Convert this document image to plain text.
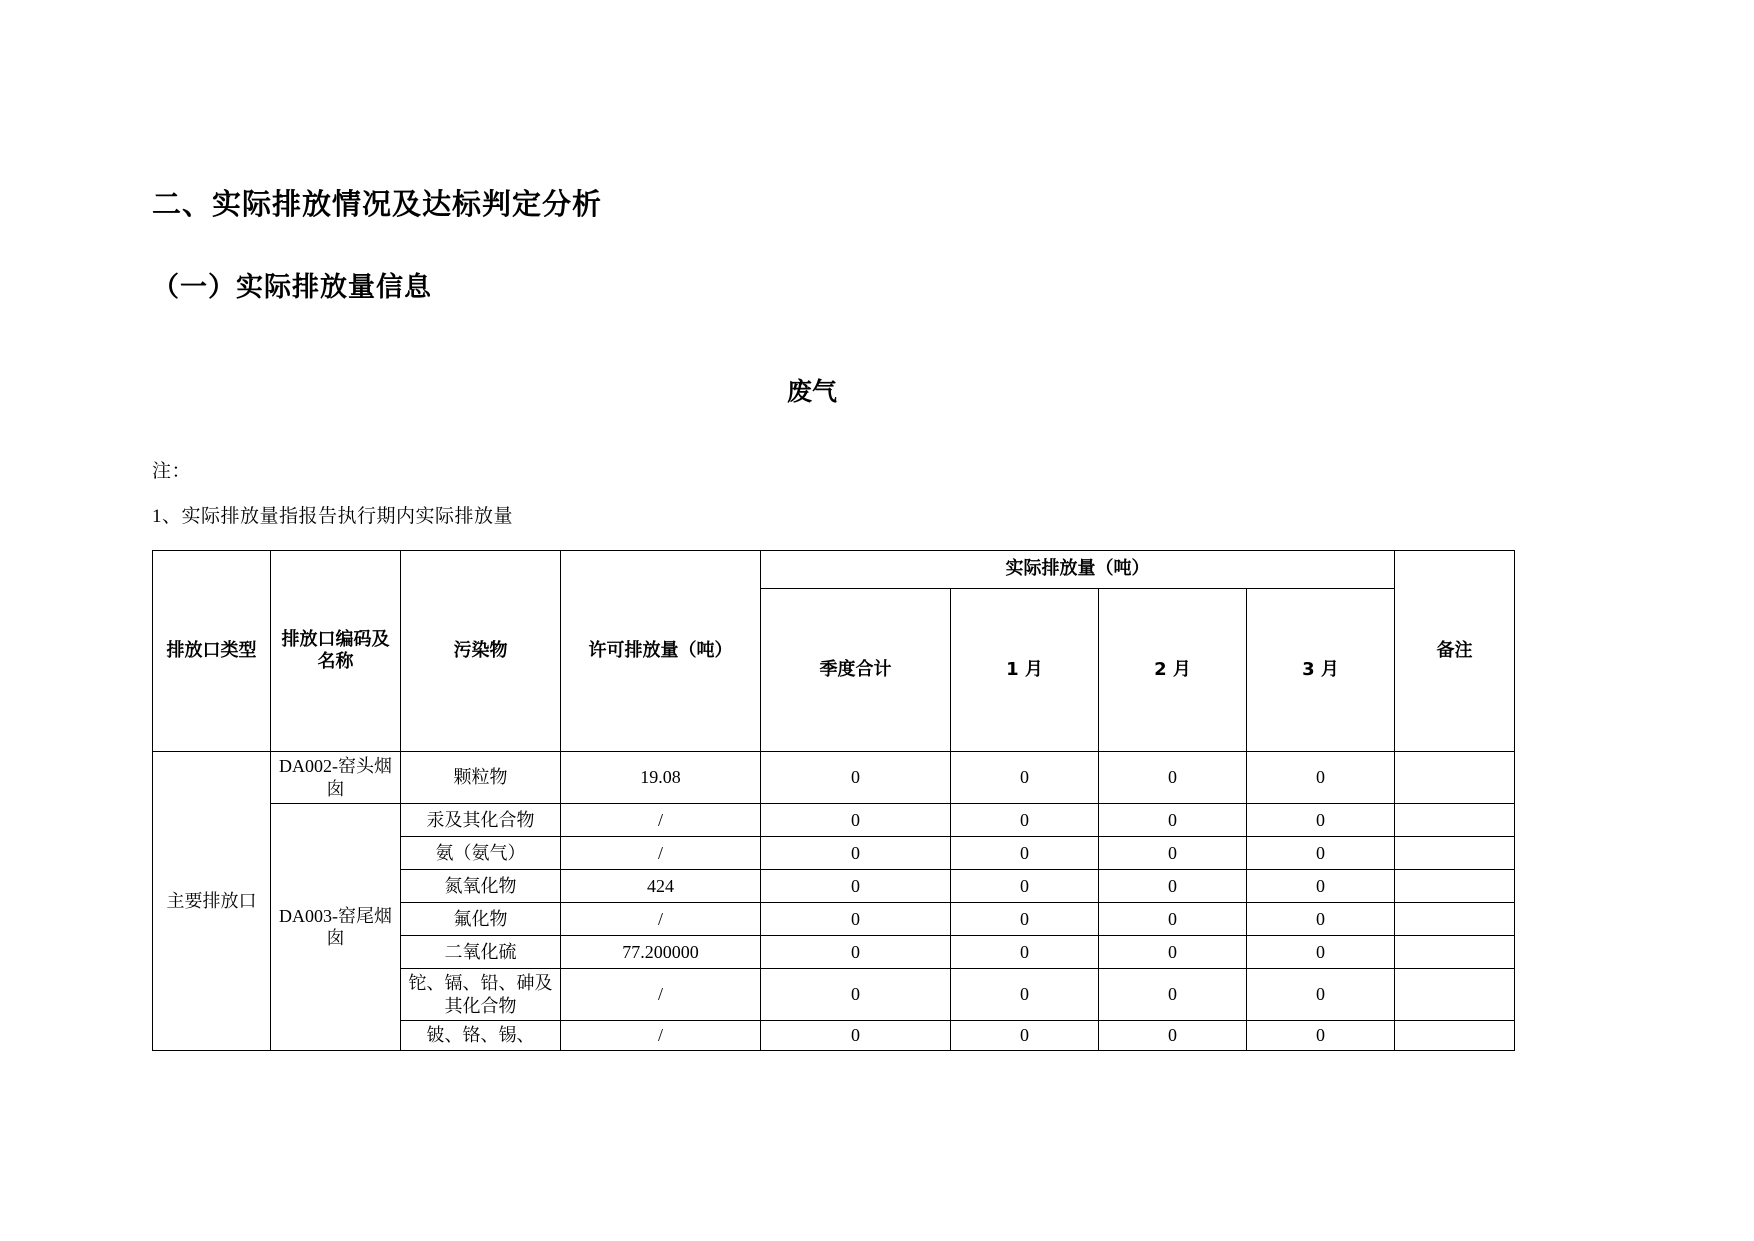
二、实际排放情况及达标判定分析
（一）实际排放量信息
废气
注：
1、实际排放量指报告执行期内实际排放量
排放口类型	排放口编码及名称	污染物	许可排放量（吨）	实际排放量（吨）				备注
				季度合计	1 月	2 月	3 月	
主要排放口	DA002-窑头烟囱	颗粒物	19.08	0	0	0	0	
	DA003-窑尾烟囱	汞及其化合物	/	0	0	0	0	
		氨（氨气）	/	0	0	0	0	
		氮氧化物	424	0	0	0	0	
		氟化物	/	0	0	0	0	
		二氧化硫	77.200000	0	0	0	0	
		铊、镉、铅、砷及其化合物	/	0	0	0	0	
		铍、铬、锡、	/	0	0	0	0	
